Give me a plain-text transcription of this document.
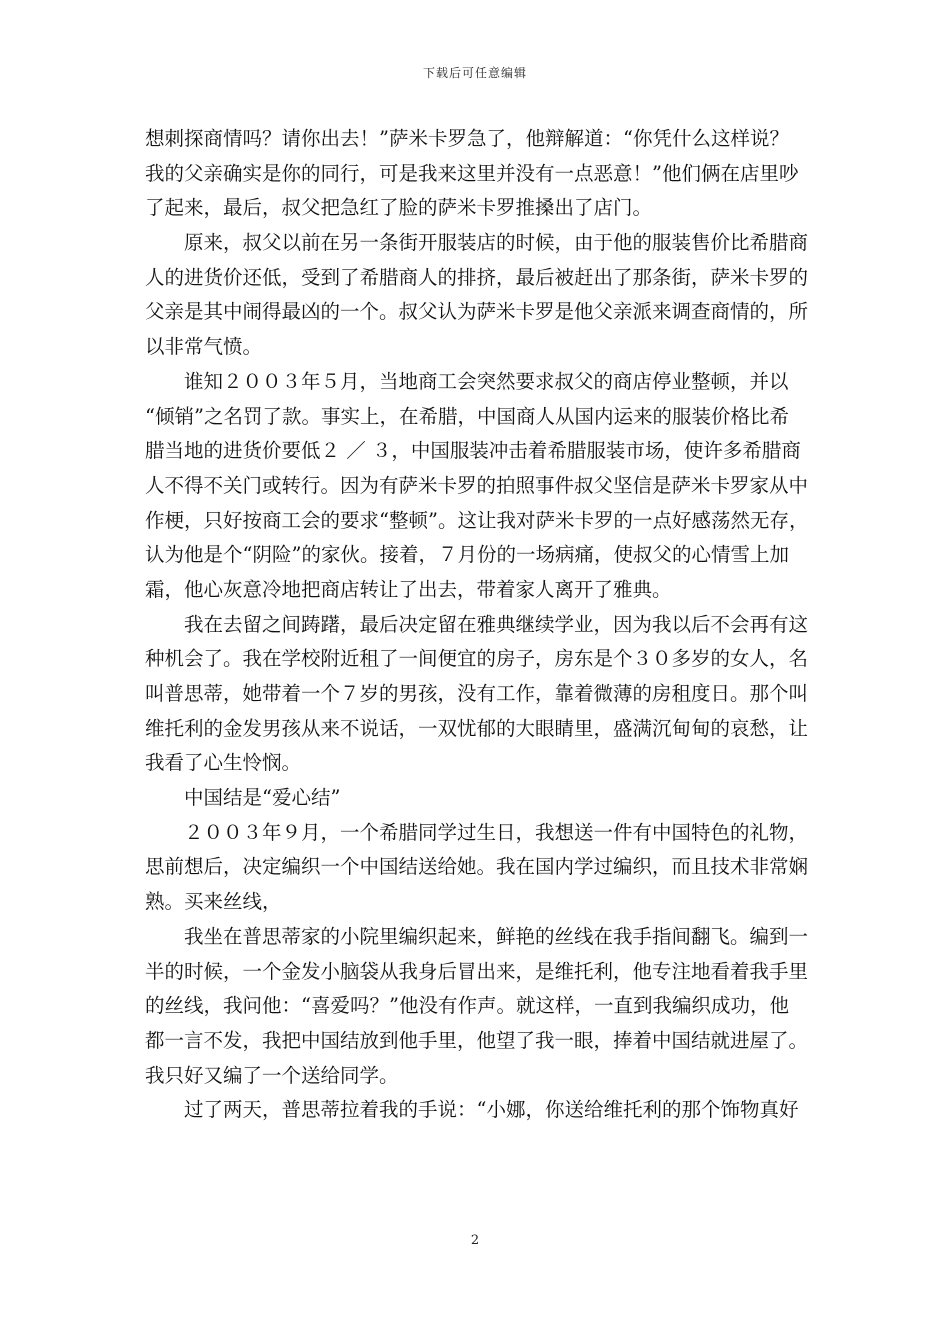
下载后可任意编辑
想刺探商情吗？请你出去！”萨米卡罗急了，他辩解道：“你凭什么这样说？
我的父亲确实是你的同行，可是我来这里并没有一点恶意！”他们俩在店里吵
了起来，最后，叔父把急红了脸的萨米卡罗推搡出了店门。
原来，叔父以前在另一条街开服装店的时候，由于他的服装售价比希腊商
人的进货价还低，受到了希腊商人的排挤，最后被赶出了那条街，萨米卡罗的
父亲是其中闹得最凶的一个。叔父认为萨米卡罗是他父亲派来调查商情的，所
以非常气愤。
谁知２００３年５月，当地商工会突然要求叔父的商店停业整顿，并以
“倾销”之名罚了款。事实上，在希腊，中国商人从国内运来的服装价格比希
腊当地的进货价要低２ ／ ３，中国服装冲击着希腊服装市场，使许多希腊商
人不得不关门或转行。因为有萨米卡罗的拍照事件叔父坚信是萨米卡罗家从中
作梗，只好按商工会的要求“整顿”。这让我对萨米卡罗的一点好感荡然无存，
认为他是个“阴险”的家伙。接着，７月份的一场病痛，使叔父的心情雪上加
霜，他心灰意冷地把商店转让了出去，带着家人离开了雅典。
我在去留之间踌躇，最后决定留在雅典继续学业，因为我以后不会再有这
种机会了。我在学校附近租了一间便宜的房子，房东是个３０多岁的女人，名
叫普思蒂，她带着一个７岁的男孩，没有工作，靠着微薄的房租度日。那个叫
维托利的金发男孩从来不说话，一双忧郁的大眼睛里，盛满沉甸甸的哀愁，让
我看了心生怜悯。
中国结是“爱心结”
２００３年９月，一个希腊同学过生日，我想送一件有中国特色的礼物，
思前想后，决定编织一个中国结送给她。我在国内学过编织，而且技术非常娴
熟。买来丝线，
我坐在普思蒂家的小院里编织起来，鲜艳的丝线在我手指间翻飞。编到一
半的时候，一个金发小脑袋从我身后冒出来，是维托利，他专注地看着我手里
的丝线，我问他：“喜爱吗？”他没有作声。就这样，一直到我编织成功，他
都一言不发，我把中国结放到他手里，他望了我一眼，捧着中国结就进屋了。
我只好又编了一个送给同学。
过了两天，普思蒂拉着我的手说：“小娜，你送给维托利的那个饰物真好
2
